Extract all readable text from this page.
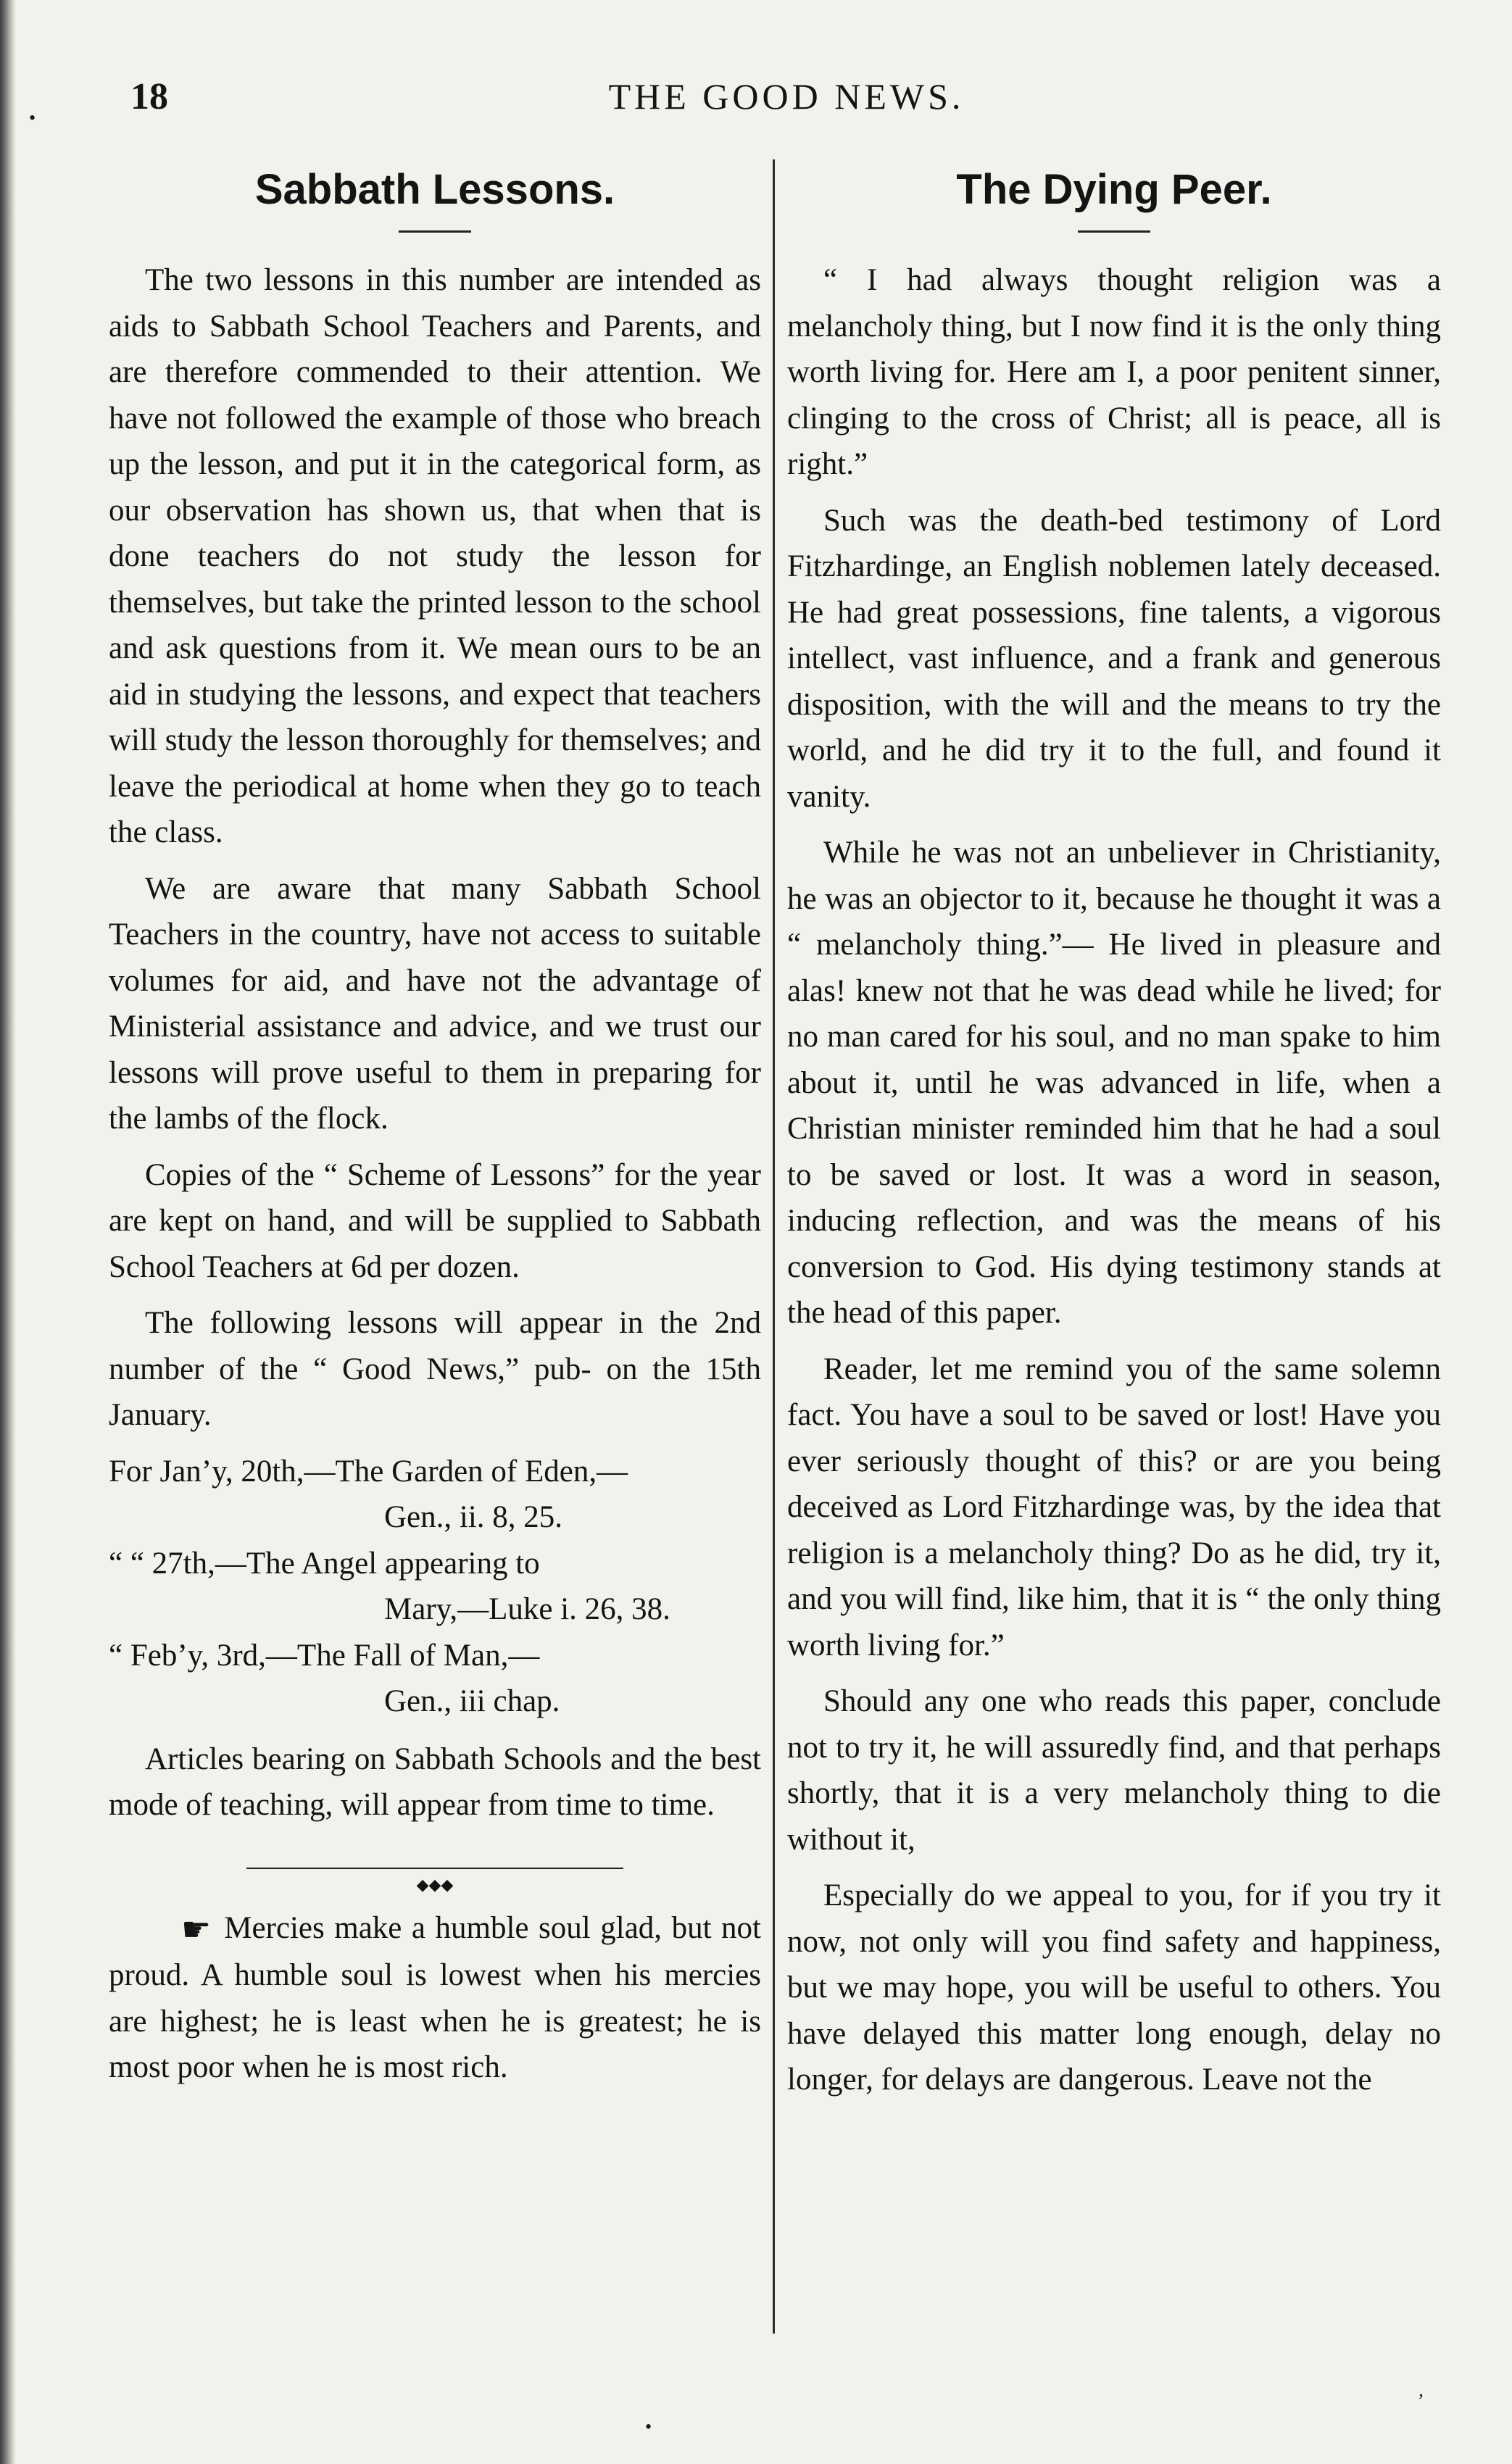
18	THE GOOD NEWS.
Sabbath Lessons.

The two lessons in this number are intended as aids to Sabbath School Teachers and Parents, and are therefore commended to their attention. We have not followed the example of those who breach up the lesson, and put it in the categorical form, as our observation has shown us, that when that is done teachers do not study the lesson for themselves, but take the printed lesson to the school and ask questions from it. We mean ours to be an aid in studying the lessons, and expect that teachers will study the lesson thoroughly for themselves; and leave the periodical at home when they go to teach the class.

We are aware that many Sabbath School Teachers in the country, have not access to suitable volumes for aid, and have not the advantage of Ministerial assistance and advice, and we trust our lessons will prove useful to them in preparing for the lambs of the flock.

Copies of the “ Scheme of Lessons” for the year are kept on hand, and will be supplied to Sabbath School Teachers at 6d per dozen.

The following lessons will appear in the 2nd number of the “ Good News,” pub- on the 15th January.

For Jan’y, 20th,—The Garden of Eden,—
Gen., ii. 8, 25.
“ “ 27th,—The Angel appearing to
Mary,—Luke i. 26, 38.
“ Feb’y, 3rd,—The Fall of Man,—
Gen., iii chap.

Articles bearing on Sabbath Schools and the best mode of teaching, will appear from time to time.

◆◆◆

☛ Mercies make a humble soul glad, but not proud. A humble soul is lowest when his mercies are highest; he is least when he is greatest; he is most poor when he is most rich.

The Dying Peer.

“ I had always thought religion was a melancholy thing, but I now find it is the only thing worth living for. Here am I, a poor penitent sinner, clinging to the cross of Christ; all is peace, all is right.”

Such was the death-bed testimony of Lord Fitzhardinge, an English noblemen lately deceased. He had great possessions, fine talents, a vigorous intellect, vast influence, and a frank and generous disposition, with the will and the means to try the world, and he did try it to the full, and found it vanity.

While he was not an unbeliever in Christianity, he was an objector to it, because he thought it was a “ melancholy thing.”— He lived in pleasure and alas! knew not that he was dead while he lived; for no man cared for his soul, and no man spake to him about it, until he was advanced in life, when a Christian minister reminded him that he had a soul to be saved or lost. It was a word in season, inducing reflection, and was the means of his conversion to God. His dying testimony stands at the head of this paper.

Reader, let me remind you of the same solemn fact. You have a soul to be saved or lost! Have you ever seriously thought of this? or are you being deceived as Lord Fitzhardinge was, by the idea that religion is a melancholy thing? Do as he did, try it, and you will find, like him, that it is “ the only thing worth living for.”

Should any one who reads this paper, conclude not to try it, he will assuredly find, and that perhaps shortly, that it is a very melancholy thing to die without it,

Especially do we appeal to you, for if you try it now, not only will you find safety and happiness, but we may hope, you will be useful to others. You have delayed this matter long enough, delay no longer, for delays are dangerous. Leave not the

•
•
’
